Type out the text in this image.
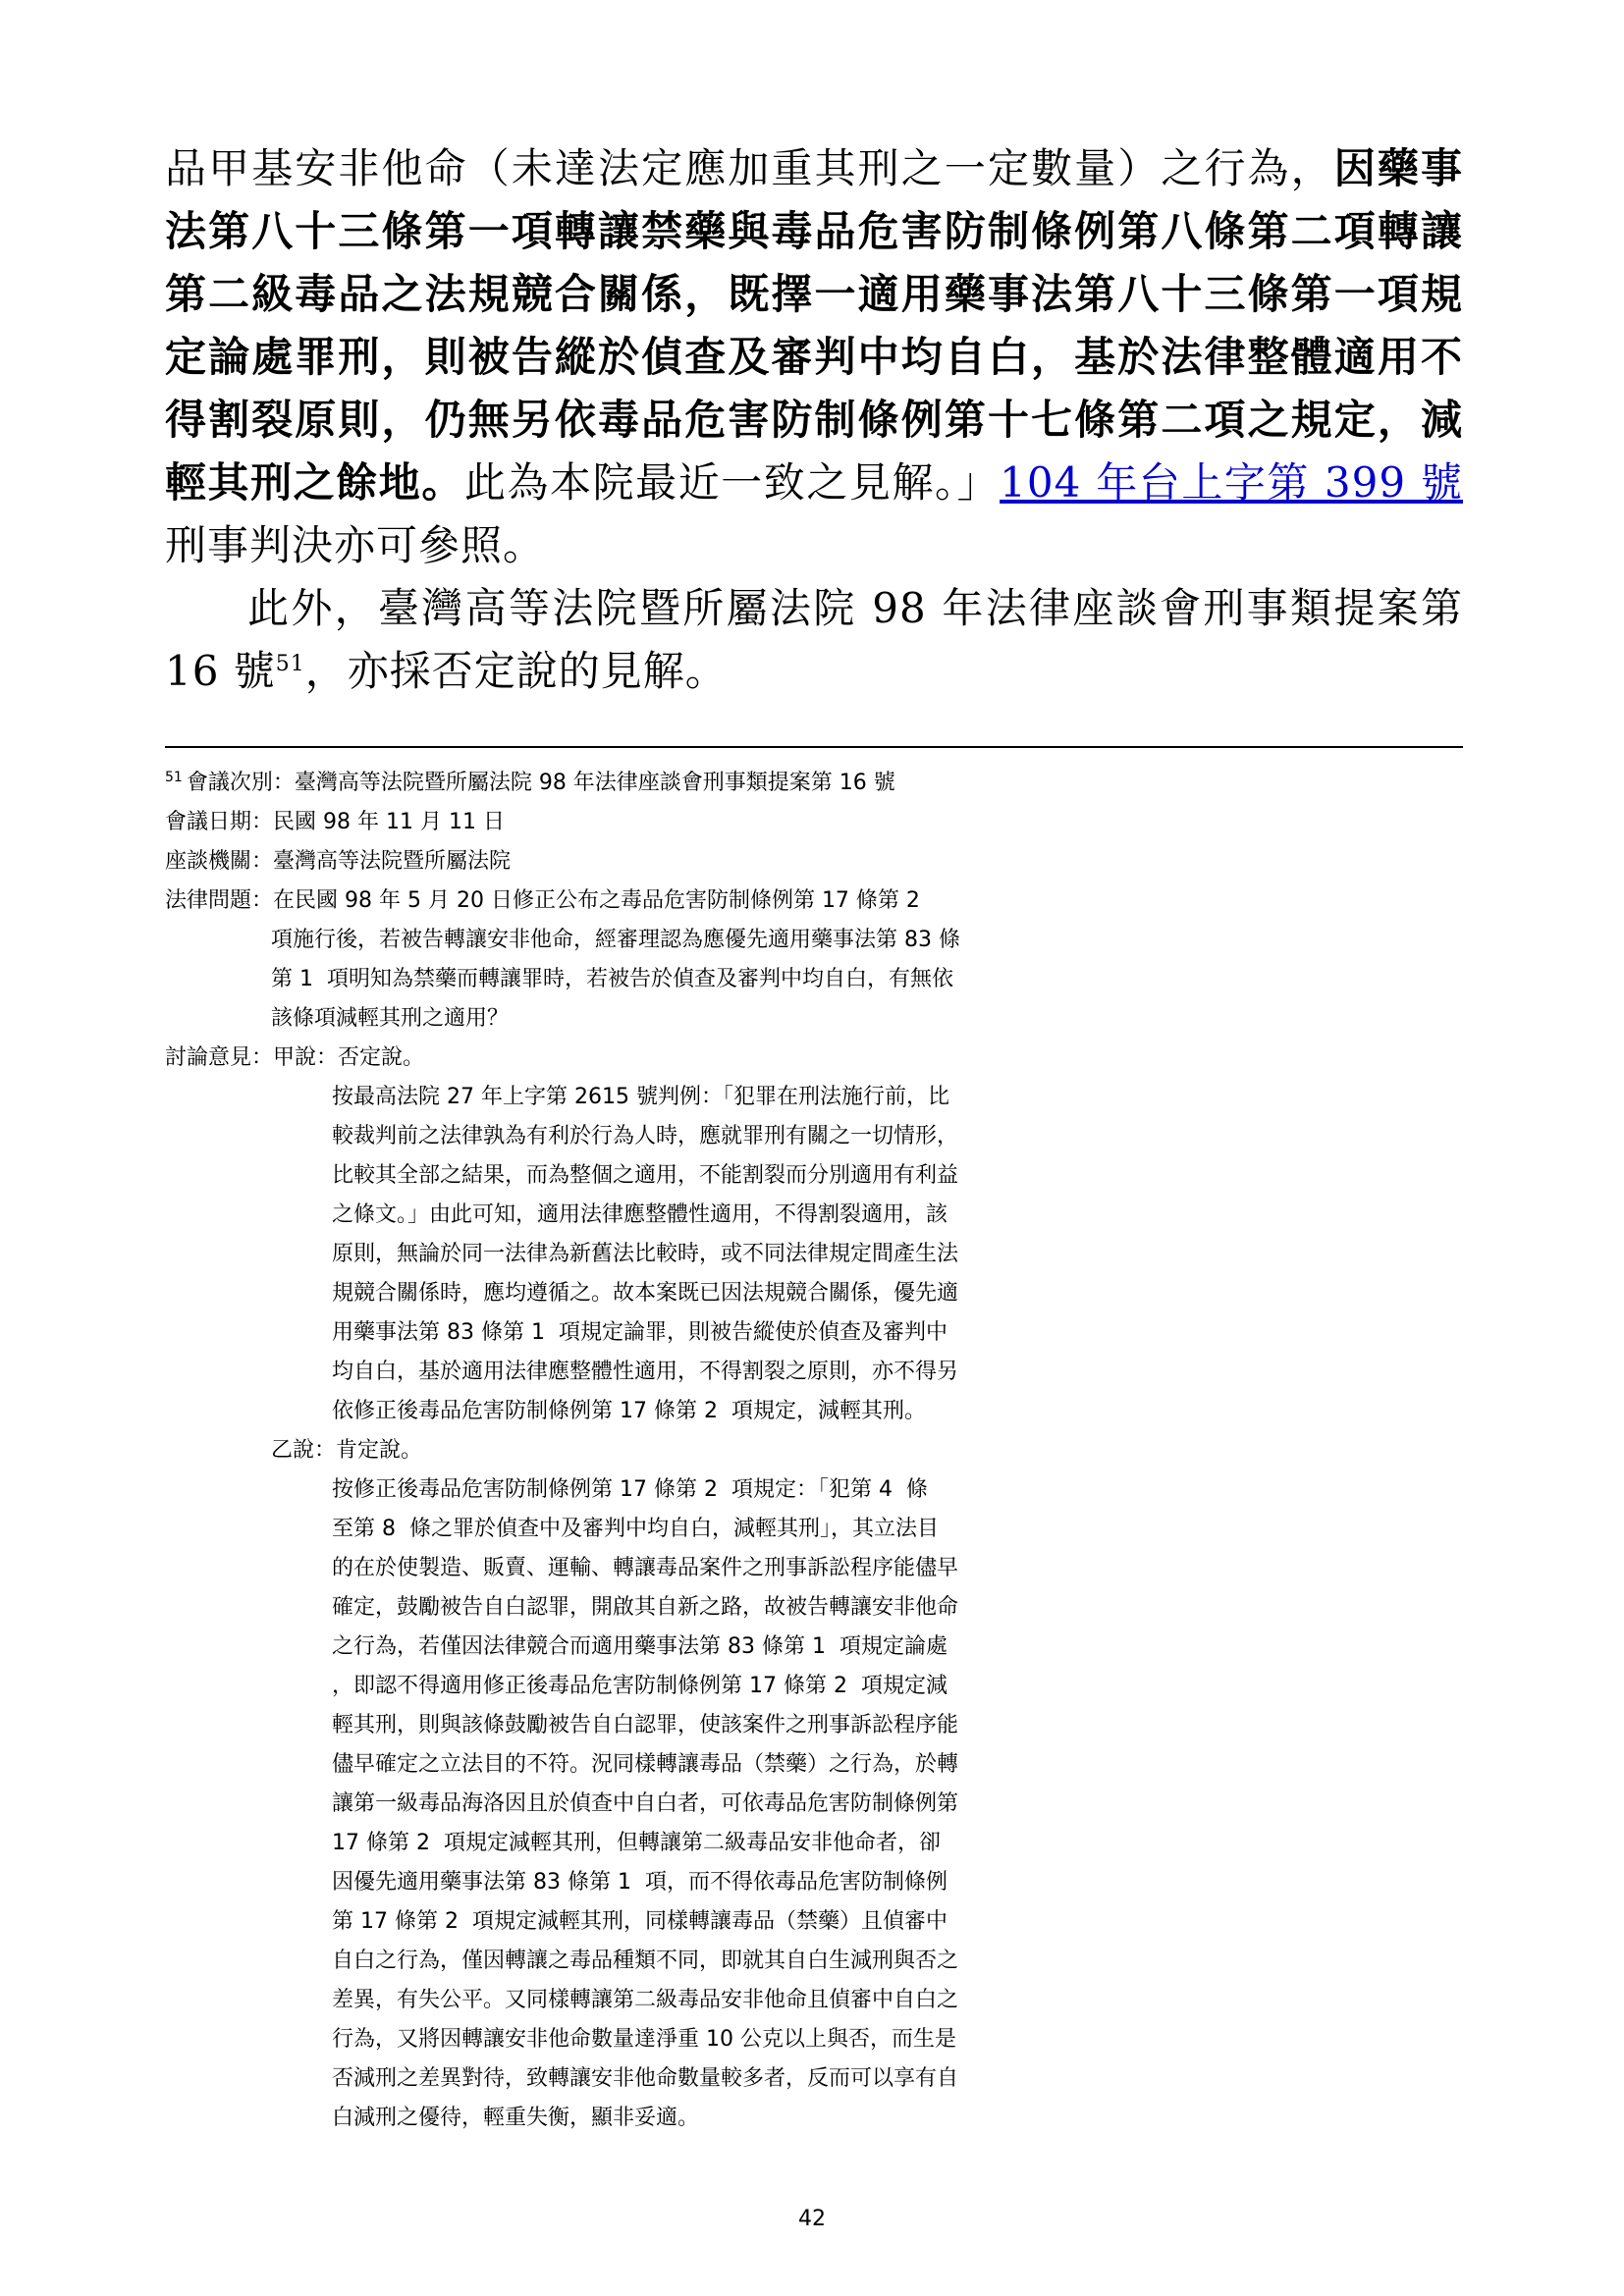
品甲基安非他命（未達法定應加重其刑之一定數量）之行為，因藥事法第八十三條第一項轉讓禁藥與毒品危害防制條例第八條第二項轉讓第二級毒品之法規競合關係，既擇一適用藥事法第八十三條第一項規定論處罪刑，則被告縱於偵查及審判中均自白，基於法律整體適用不得割裂原則，仍無另依毒品危害防制條例第十七條第二項之規定，減輕其刑之餘地。此為本院最近一致之見解。」104 年台上字第 399 號刑事判決亦可參照。

此外，臺灣高等法院暨所屬法院 98 年法律座談會刑事類提案第 16 號$^{51}$，亦採否定說的見解。

$^{51}$ 會議次別：臺灣高等法院暨所屬法院 98 年法律座談會刑事類提案第 16 號
會議日期：民國 98 年 11 月 11 日
座談機關：臺灣高等法院暨所屬法院
法律問題：在民國 98 年 5 月 20 日修正公布之毒品危害防制條例第 17 條第 2
項施行後，若被告轉讓安非他命，經審理認為應優先適用藥事法第 83 條
第 1  項明知為禁藥而轉讓罪時，若被告於偵查及審判中均自白，有無依
該條項減輕其刑之適用？
討論意見：甲說：否定說。
按最高法院 27 年上字第 2615 號判例：「犯罪在刑法施行前，比
較裁判前之法律孰為有利於行為人時，應就罪刑有關之一切情形，
比較其全部之結果，而為整個之適用，不能割裂而分別適用有利益
之條文。」由此可知，適用法律應整體性適用，不得割裂適用，該
原則，無論於同一法律為新舊法比較時，或不同法律規定間產生法
規競合關係時，應均遵循之。故本案既已因法規競合關係，優先適
用藥事法第 83 條第 1  項規定論罪，則被告縱使於偵查及審判中
均自白，基於適用法律應整體性適用，不得割裂之原則，亦不得另
依修正後毒品危害防制條例第 17 條第 2  項規定，減輕其刑。
乙說：肯定說。
按修正後毒品危害防制條例第 17 條第 2  項規定：「犯第 4  條
至第 8  條之罪於偵查中及審判中均自白，減輕其刑」，其立法目
的在於使製造、販賣、運輸、轉讓毒品案件之刑事訴訟程序能儘早
確定，鼓勵被告自白認罪，開啟其自新之路，故被告轉讓安非他命
之行為，若僅因法律競合而適用藥事法第 83 條第 1  項規定論處
，即認不得適用修正後毒品危害防制條例第 17 條第 2  項規定減
輕其刑，則與該條鼓勵被告自白認罪，使該案件之刑事訴訟程序能
儘早確定之立法目的不符。況同樣轉讓毒品（禁藥）之行為，於轉
讓第一級毒品海洛因且於偵查中自白者，可依毒品危害防制條例第
17 條第 2  項規定減輕其刑，但轉讓第二級毒品安非他命者，卻
因優先適用藥事法第 83 條第 1  項，而不得依毒品危害防制條例
第 17 條第 2  項規定減輕其刑，同樣轉讓毒品（禁藥）且偵審中
自白之行為，僅因轉讓之毒品種類不同，即就其自白生減刑與否之
差異，有失公平。又同樣轉讓第二級毒品安非他命且偵審中自白之
行為，又將因轉讓安非他命數量達淨重 10 公克以上與否，而生是
否減刑之差異對待，致轉讓安非他命數量較多者，反而可以享有自
白減刑之優待，輕重失衡，顯非妥適。
42
